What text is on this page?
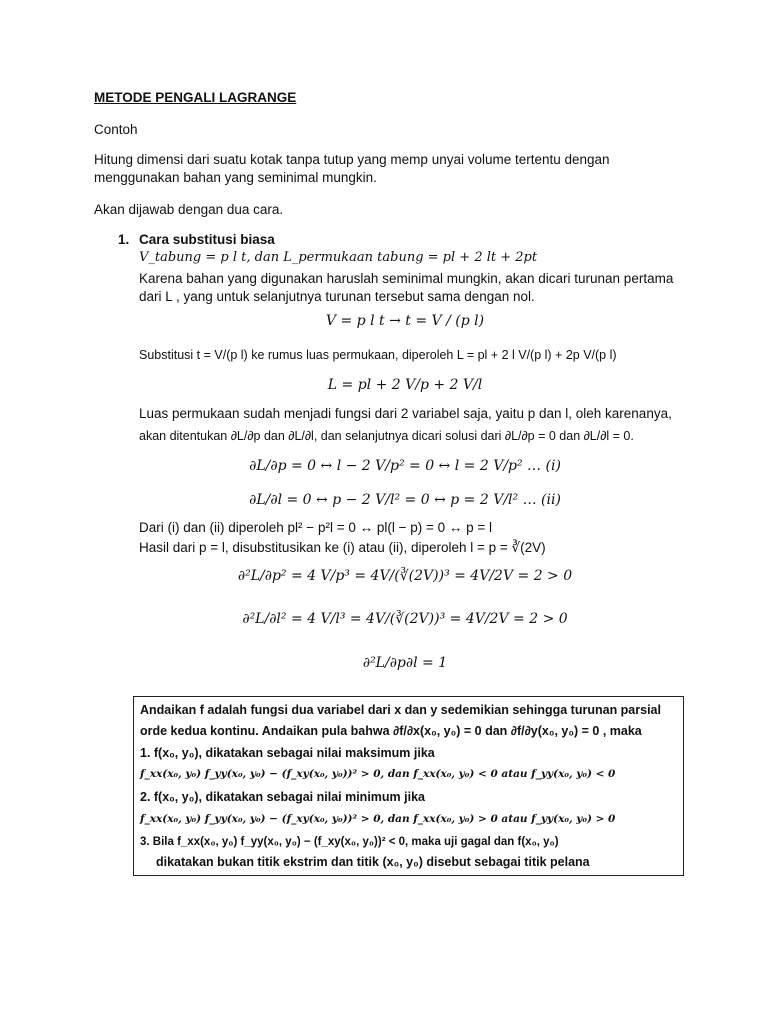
METODE PENGALI LAGRANGE
Contoh
Hitung dimensi dari suatu kotak tanpa tutup yang memp unyai volume tertentu dengan
menggunakan bahan yang seminimal mungkin.
Akan dijawab dengan dua cara.
1. Cara substitusi biasa
V_tabung = p l t, dan L_permukaan tabung = pl + 2 lt + 2pt
Karena bahan yang digunakan haruslah seminimal mungkin, akan dicari turunan pertama
dari L , yang untuk selanjutnya turunan tersebut sama dengan nol.
V = p l t → t = V / (p l)
Substitusi t = V/(p l) ke rumus luas permukaan, diperoleh L = pl + 2 l V/(p l) + 2p V/(p l)
L = pl + 2 V/p + 2 V/l
Luas permukaan sudah menjadi fungsi dari 2 variabel saja, yaitu p dan l, oleh karenanya,
akan ditentukan ∂L/∂p dan ∂L/∂l, dan selanjutnya dicari solusi dari ∂L/∂p = 0 dan ∂L/∂l = 0.
∂L/∂p = 0 ↔ l − 2 V/p² = 0 ↔ l = 2 V/p² … (i)
∂L/∂l = 0 ↔ p − 2 V/l² = 0 ↔ p = 2 V/l² … (ii)
Dari (i) dan (ii) diperoleh pl² − p²l = 0 ↔ pl(l − p) = 0 ↔ p = l
Hasil dari p = l, disubstitusikan ke (i) atau (ii), diperoleh l = p = ∛(2V)
∂²L/∂p² = 4 V/p³ = 4V/(∛(2V))³ = 4V/2V = 2 > 0
∂²L/∂l² = 4 V/l³ = 4V/(∛(2V))³ = 4V/2V = 2 > 0
∂²L/∂p∂l = 1
Andaikan f adalah fungsi dua variabel dari x dan y sedemikian sehingga turunan parsial
orde kedua kontinu. Andaikan pula bahwa ∂f/∂x(x₀, y₀) = 0 dan ∂f/∂y(x₀, y₀) = 0 , maka
1. f(x₀, y₀), dikatakan sebagai nilai maksimum jika
f_xx(x₀, y₀) f_yy(x₀, y₀) − (f_xy(x₀, y₀))² > 0, dan f_xx(x₀, y₀) < 0 atau f_yy(x₀, y₀) < 0
2. f(x₀, y₀), dikatakan sebagai nilai minimum jika
f_xx(x₀, y₀) f_yy(x₀, y₀) − (f_xy(x₀, y₀))² > 0, dan f_xx(x₀, y₀) > 0 atau f_yy(x₀, y₀) > 0
3. Bila f_xx(x₀, y₀) f_yy(x₀, y₀) − (f_xy(x₀, y₀))² < 0, maka uji gagal dan f(x₀, y₀)
dikatakan bukan titik ekstrim dan titik (x₀, y₀) disebut sebagai titik pelana
